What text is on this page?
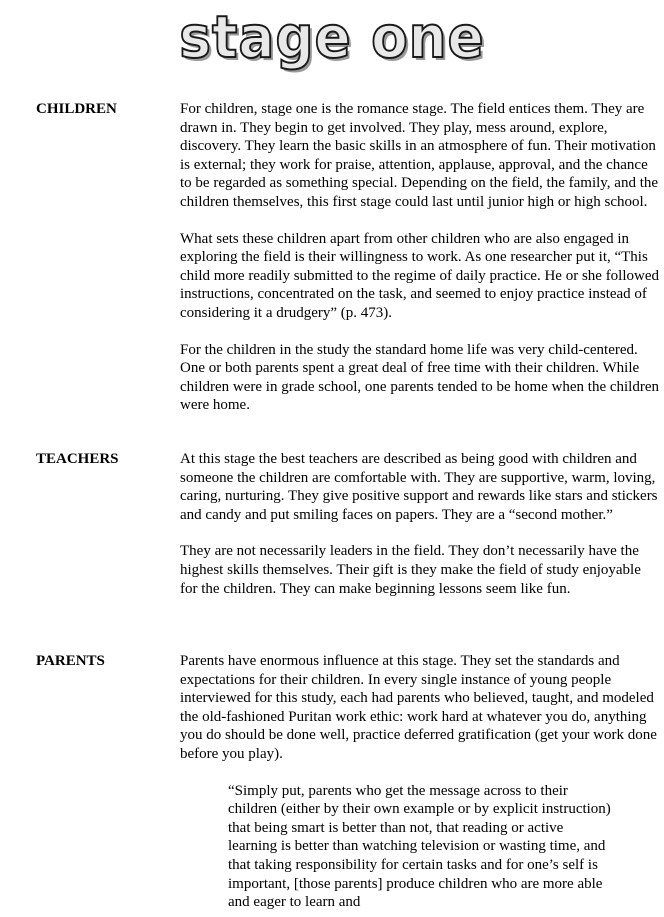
stage one
CHILDREN	For children, stage one is the romance stage. The field entices them. They are drawn in. They begin to get involved. They play, mess around, explore, discovery. They learn the basic skills in an atmosphere of fun. Their motivation is external; they work for praise, attention, applause, approval, and the chance to be regarded as something special. Depending on the field, the family, and the children themselves, this first stage could last until junior high or high school.

What sets these children apart from other children who are also engaged in exploring the field is their willingness to work. As one researcher put it, “This child more readily submitted to the regime of daily practice. He or she followed instructions, concentrated on the task, and seemed to enjoy practice instead of considering it a drudgery” (p. 473).

For the children in the study the standard home life was very child-centered. One or both parents spent a great deal of free time with their children. While children were in grade school, one parents tended to be home when the children were home.

TEACHERS	At this stage the best teachers are described as being good with children and someone the children are comfortable with. They are supportive, warm, loving, caring, nurturing. They give positive support and rewards like stars and stickers and candy and put smiling faces on papers. They are a “second mother.”

They are not necessarily leaders in the field. They don’t necessarily have the highest skills themselves. Their gift is they make the field of study enjoyable for the children. They can make beginning lessons seem like fun.

PARENTS	Parents have enormous influence at this stage. They set the standards and expectations for their children. In every single instance of young people interviewed for this study, each had parents who believed, taught, and modeled the old-fashioned Puritan work ethic: work hard at whatever you do, anything you do should be done well, practice deferred gratification (get your work done before you play).

“Simply put, parents who get the message across to their children (either by their own example or by explicit instruction) that being smart is better than not, that reading or active learning is better than watching television or wasting time, and that taking responsibility for certain tasks and for one’s self is important, [those parents] produce children who are more able and eager to learn and
